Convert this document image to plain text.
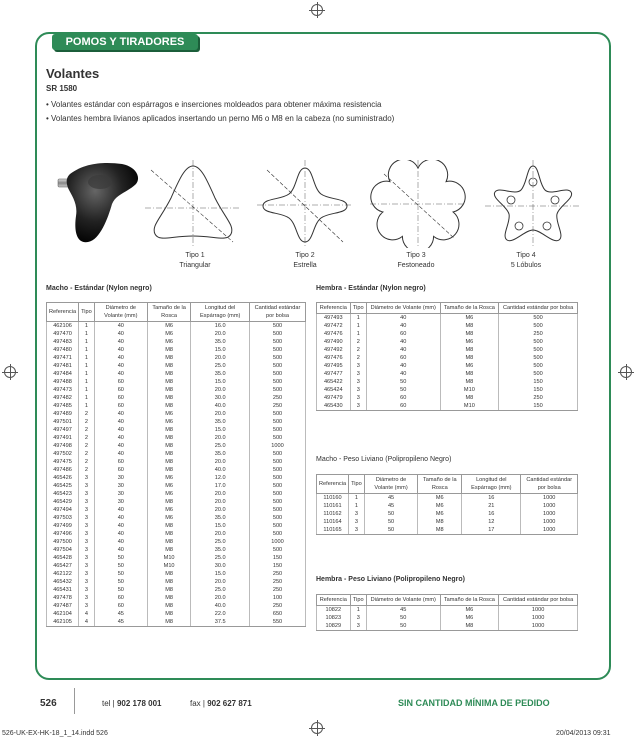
POMOS Y TIRADORES
Volantes
SR 1580
• Volantes estándar con espárragos e inserciones moldeados para obtener máxima resistencia
• Volantes hembra livianos aplicados insertando un perno M6 o M8 en la cabeza (no suministrado)
Tipo 1
Triangular
Tipo 2
Estrella
Tipo 3
Festoneado
Tipo 4
5 Lóbulos
Macho - Estándar (Nylon negro)	Hembra - Estándar (Nylon negro)
Macho - Peso Liviano (Polipropileno Negro)
Hembra - Peso Liviano (Polipropileno Negro)
Referencia	Tipo	Diámetro de Volante (mm)	Tamaño de la Rosca	Longitud del Espárrago (mm)	Cantidad estándar por bolsa
462106	1	40	M6	16.0	500
497470	1	40	M6	20.0	500
497483	1	40	M6	35.0	500
497480	1	40	M8	15.0	500
497471	1	40	M8	20.0	500
497481	1	40	M8	25.0	500
497484	1	40	M8	35.0	500
497488	1	60	M8	15.0	500
497473	1	60	M8	20.0	500
497482	1	60	M8	30.0	250
497485	1	60	M8	40.0	250
497489	2	40	M6	20.0	500
497501	2	40	M6	35.0	500
497497	2	40	M8	15.0	500
497491	2	40	M8	20.0	500
497498	2	40	M8	25.0	1000
497502	2	40	M8	35.0	500
497475	2	60	M8	20.0	500
497486	2	60	M8	40.0	500
465426	3	30	M6	12.0	500
465425	3	30	M6	17.0	500
465423	3	30	M6	20.0	500
465429	3	30	M8	20.0	500
497494	3	40	M6	20.0	500
497503	3	40	M6	35.0	500
497499	3	40	M8	15.0	500
497496	3	40	M8	20.0	500
497500	3	40	M8	25.0	1000
497504	3	40	M8	35.0	500
465428	3	50	M10	25.0	150
465427	3	50	M10	30.0	150
462122	3	50	M8	15.0	250
465432	3	50	M8	20.0	250
465431	3	50	M8	25.0	250
497478	3	60	M8	20.0	100
497487	3	60	M8	40.0	250
462104	4	45	M8	22.0	650
462105	4	45	M8	37.5	550
Referencia	Tipo	Diámetro de Volante (mm)	Tamaño de la Rosca	Cantidad estándar por bolsa
497493	1	40	M6	500
497472	1	40	M8	500
497476	1	60	M8	250
497490	2	40	M6	500
497492	2	40	M8	500
497476	2	60	M8	500
497495	3	40	M6	500
497477	3	40	M8	500
465422	3	50	M8	150
465424	3	50	M10	150
497479	3	60	M8	250
465430	3	60	M10	150
Referencia	Tipo	Diámetro de Volante (mm)	Tamaño de la Rosca	Longitud del Espárrago (mm)	Cantidad estándar por bolsa
110160	1	45	M6	16	1000
110161	1	45	M6	21	1000
110162	3	50	M6	16	1000
110164	3	50	M8	12	1000
110165	3	50	M8	17	1000
Referencia	Tipo	Diámetro de Volante (mm)	Tamaño de la Rosca	Cantidad estándar por bolsa
10822	1	45	M6	1000
10823	3	50	M6	1000
10829	3	50	M8	1000
526	tel | 902 178 001	fax | 902 627 871	SIN CANTIDAD MÍNIMA DE PEDIDO
526-UK-EX-HK-18_1_14.indd 526	20/04/2013 09:31
